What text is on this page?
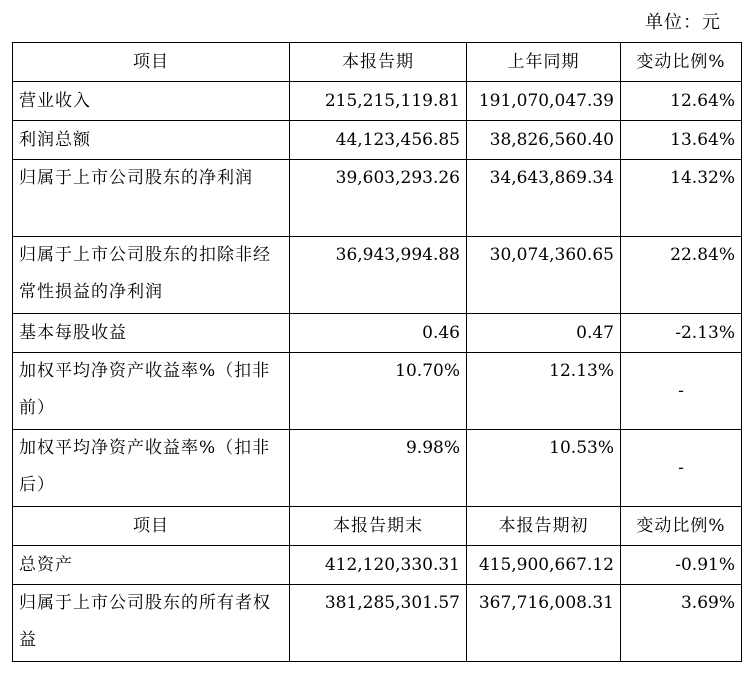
单位：元
项目	本报告期	上年同期	变动比例%
营业收入	215,215,119.81	191,070,047.39	12.64%
利润总额	44,123,456.85	38,826,560.40	13.64%
归属于上市公司股东的净利润	39,603,293.26	34,643,869.34	14.32%
归属于上市公司股东的扣除非经常性损益的净利润	36,943,994.88	30,074,360.65	22.84%
基本每股收益	0.46	0.47	-2.13%
加权平均净资产收益率%（扣非前）	10.70%	12.13%	-
加权平均净资产收益率%（扣非后）	9.98%	10.53%	-
项目	本报告期末	本报告期初	变动比例%
总资产	412,120,330.31	415,900,667.12	-0.91%
归属于上市公司股东的所有者权益	381,285,301.57	367,716,008.31	3.69%
